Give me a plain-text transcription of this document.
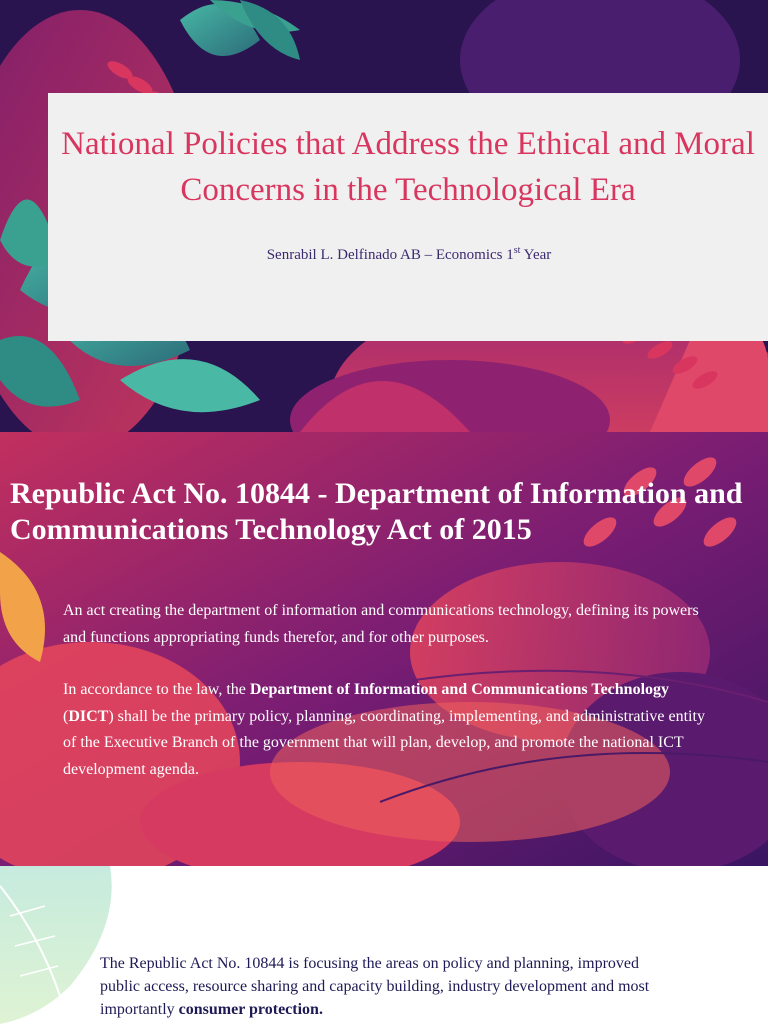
National Policies that Address the Ethical and Moral Concerns in the Technological Era
Senrabil L. Delfinado AB – Economics 1st Year
Republic Act No. 10844 - Department of Information and Communications Technology Act of 2015

An act creating the department of information and communications technology, defining its powers and functions appropriating funds therefor, and for other purposes.

In accordance to the law, the Department of Information and Communications Technology (DICT) shall be the primary policy, planning, coordinating, implementing, and administrative entity of the Executive Branch of the government that will plan, develop, and promote the national ICT development agenda.

The Republic Act No. 10844 is focusing the areas on policy and planning, improved public access, resource sharing and capacity building, industry development and most importantly consumer protection.
